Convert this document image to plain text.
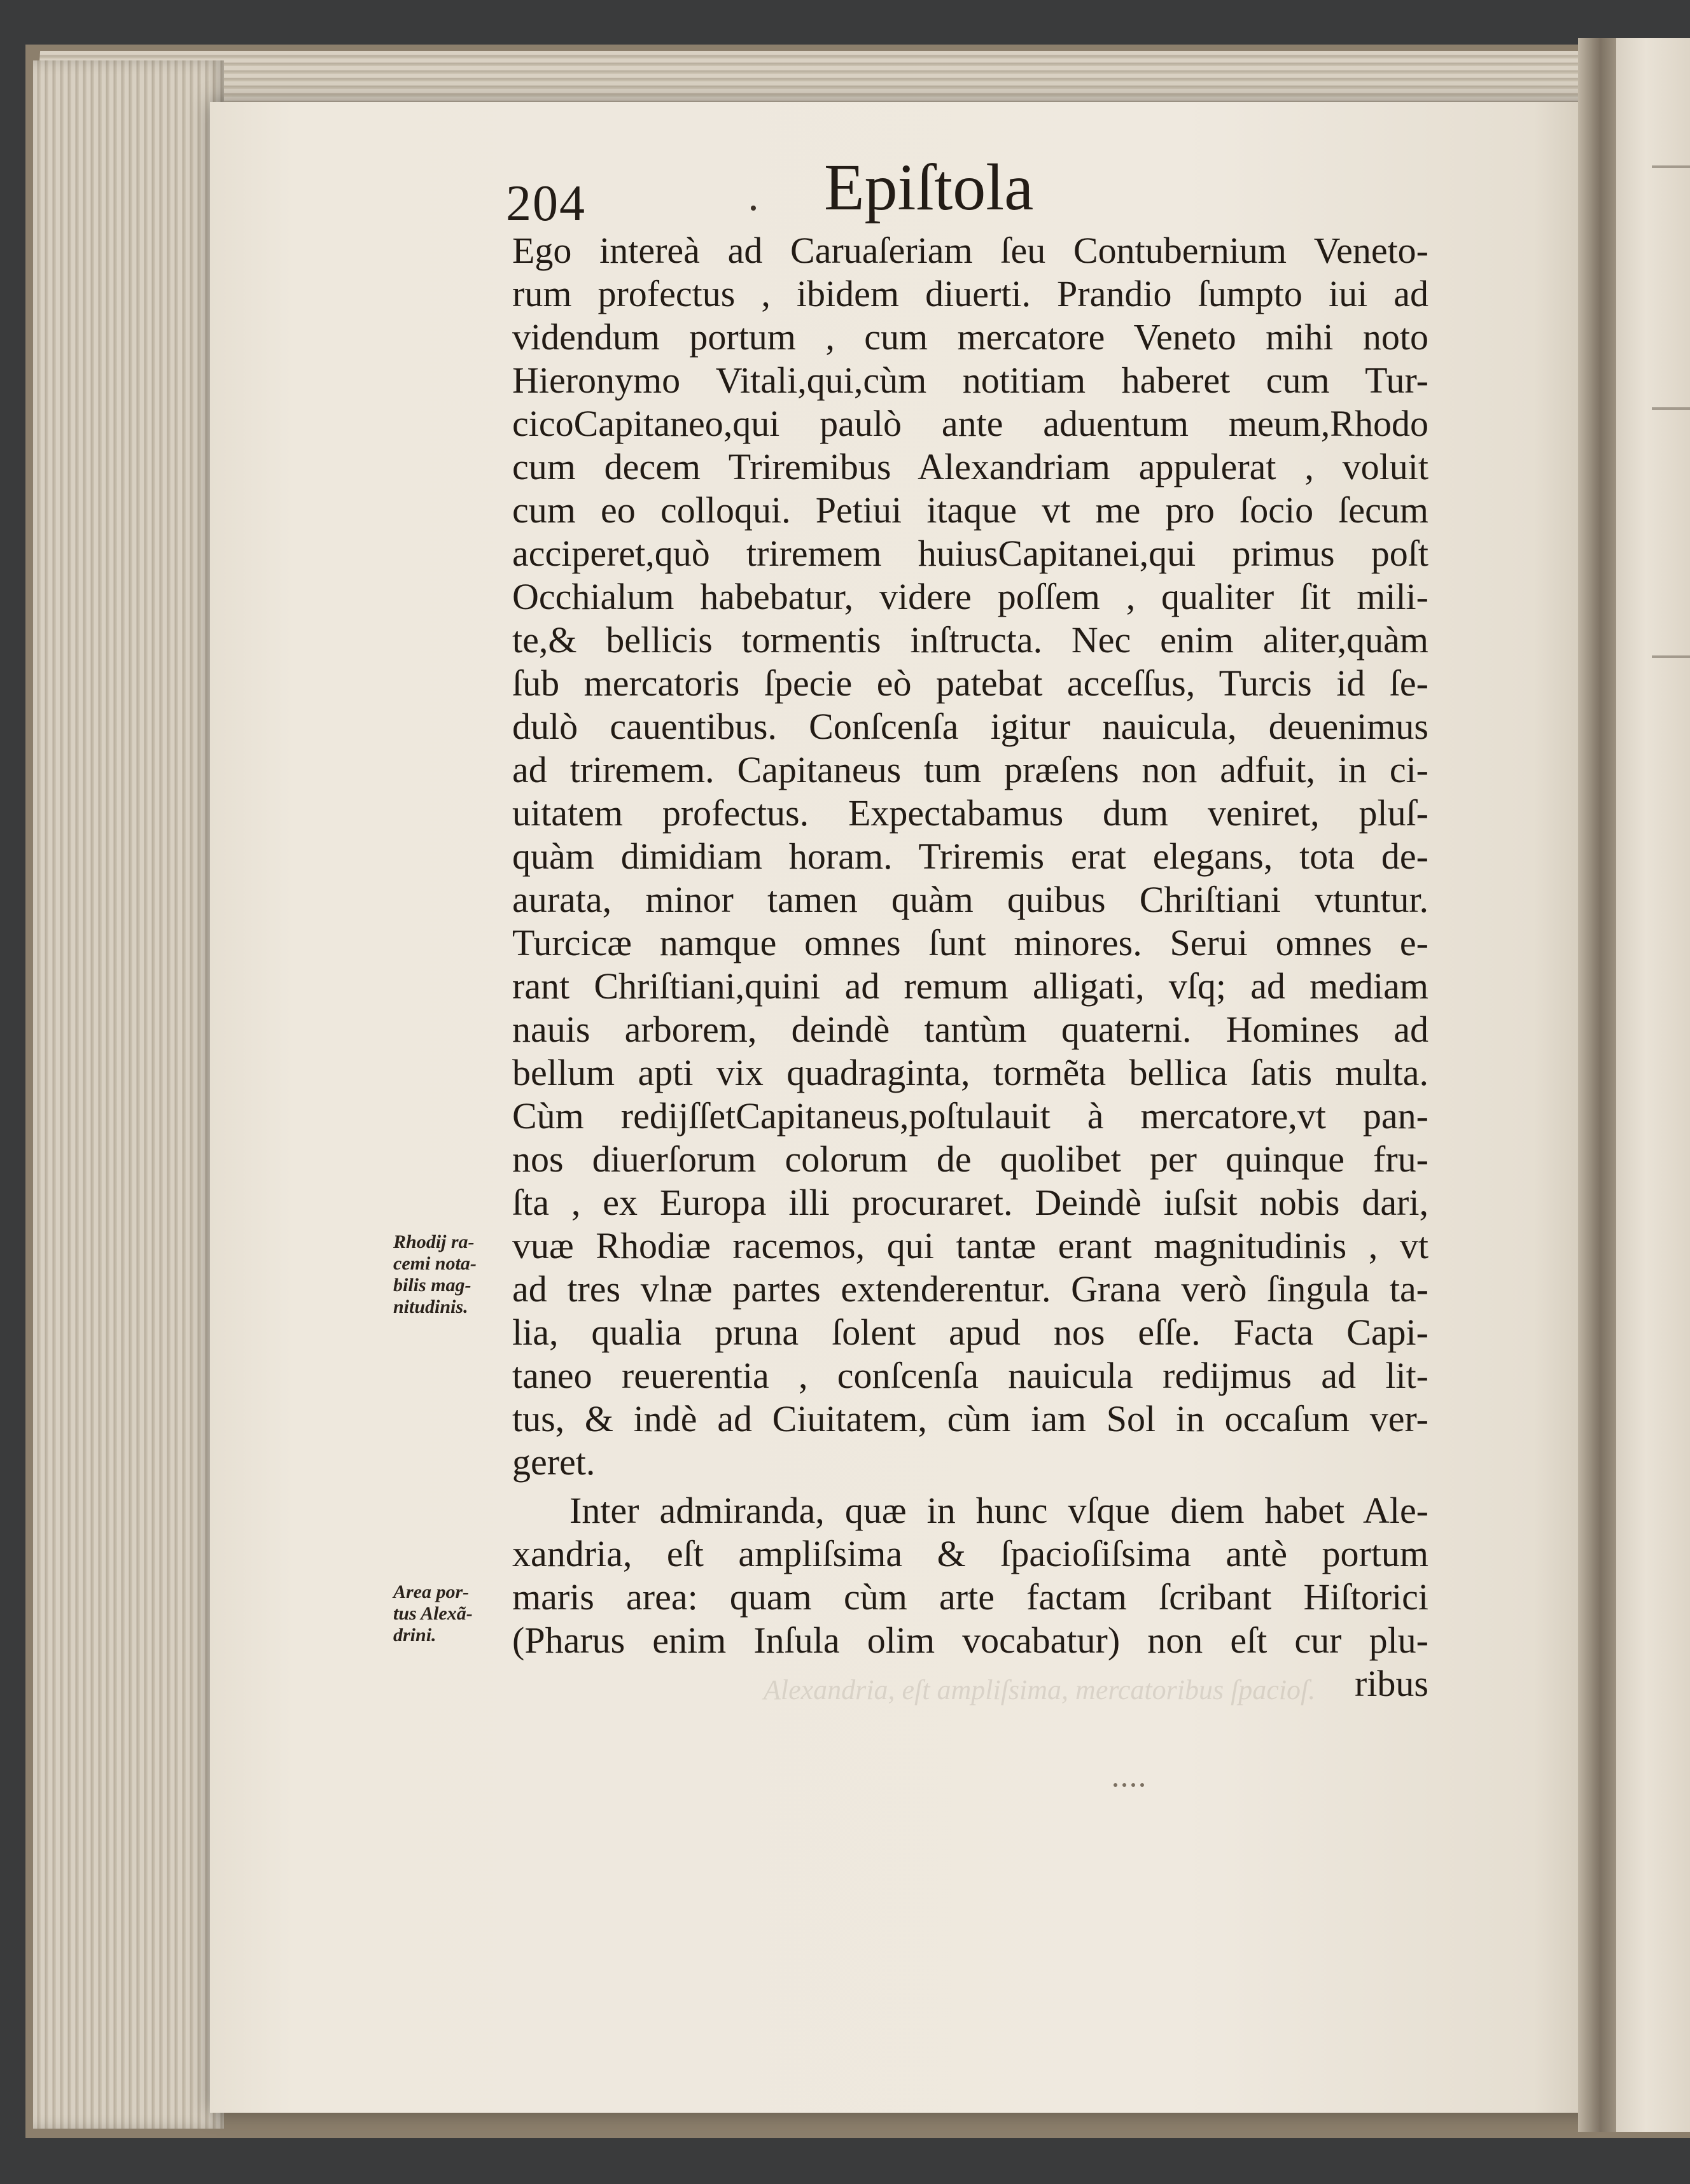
Alexandria, eſt ampliſsima, mercatoribus ſpacioſ.
204	Epiſtola
Ego intereà ad Caruaſeriam ſeu Contubernium Veneto-
rum profectus , ibidem diuerti. Prandio ſumpto iui ad
videndum portum , cum mercatore Veneto mihi noto
Hieronymo Vitali,qui,cùm notitiam haberet cum Tur-
cicoCapitaneo,qui paulò ante aduentum meum,Rhodo
cum decem Triremibus Alexandriam appulerat , voluit
cum eo colloqui. Petiui itaque vt me pro ſocio ſecum
acciperet,quò triremem huiusCapitanei,qui primus poſt
Occhialum habebatur, videre poſſem , qualiter ſit mili-
te,& bellicis tormentis inſtructa. Nec enim aliter,quàm
ſub mercatoris ſpecie eò patebat acceſſus, Turcis id ſe-
dulò cauentibus. Conſcenſa igitur nauicula, deuenimus
ad triremem. Capitaneus tum præſens non adfuit, in ci-
uitatem profectus. Expectabamus dum veniret, pluſ-
quàm dimidiam horam. Triremis erat elegans, tota de-
aurata, minor tamen quàm quibus Chriſtiani vtuntur.
Turcicæ namque omnes ſunt minores. Serui omnes e-
rant Chriſtiani,quini ad remum alligati, vſq; ad mediam
nauis arborem, deindè tantùm quaterni. Homines ad
bellum apti vix quadraginta, tormẽta bellica ſatis multa.
Cùm redijſſetCapitaneus,poſtulauit à mercatore,vt pan-
nos diuerſorum colorum de quolibet per quinque fru-
ſta , ex Europa illi procuraret. Deindè iuſsit nobis dari,
vuæ Rhodiæ racemos, qui tantæ erant magnitudinis , vt
ad tres vlnæ partes extenderentur. Grana verò ſingula ta-
lia, qualia pruna ſolent apud nos eſſe. Facta Capi-
taneo reuerentia , conſcenſa nauicula redijmus ad lit-
tus, & indè ad Ciuitatem, cùm iam Sol in occaſum ver-
geret.
Inter admiranda, quæ in hunc vſque diem habet Ale-
xandria, eſt ampliſsima & ſpacioſiſsima antè portum
maris area: quam cùm arte factam ſcribant Hiſtorici
(Pharus enim Inſula olim vocabatur) non eſt cur plu-
ribus
Rhodij ra-
cemi nota-
bilis mag-
nitudinis.
Area por-
tus Alexã-
drini.
